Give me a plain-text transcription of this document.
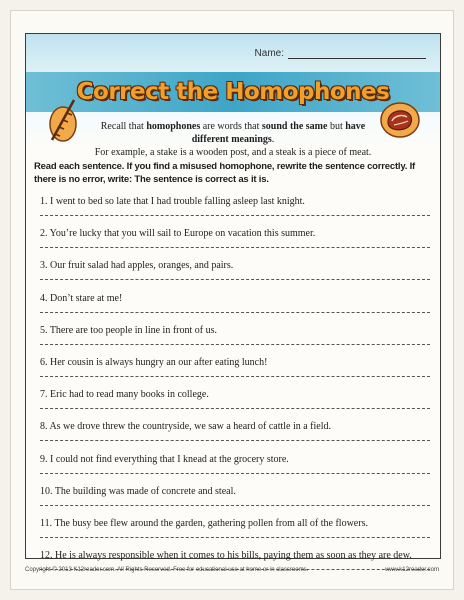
Name:
Correct the Homophones
Recall that homophones are words that sound the same but have different meanings.
For example, a stake is a wooden post, and a steak is a piece of meat.
Read each sentence. If you find a misused homophone, rewrite the sentence correctly. If there is no error, write: The sentence is correct as it is.
1. I went to bed so late that I had trouble falling asleep last knight.
2. You’re lucky that you will sail to Europe on vacation this summer.
3. Our fruit salad had apples, oranges, and pairs.
4. Don’t stare at me!
5. There are too people in line in front of us.
6. Her cousin is always hungry an our after eating lunch!
7. Eric had to read many books in college.
8. As we drove threw the countryside, we saw a heard of cattle in a field.
9. I could not find everything that I knead at the grocery store.
10. The building was made of concrete and steal.
11. The busy bee flew around the garden, gathering pollen from all of the flowers.
12. He is always responsible when it comes to his bills, paying them as soon as they are dew.
Copyright © 2013 K12reader.com. All Rights Reserved. Free for educational use at home or in classrooms.	www.k12reader.com
